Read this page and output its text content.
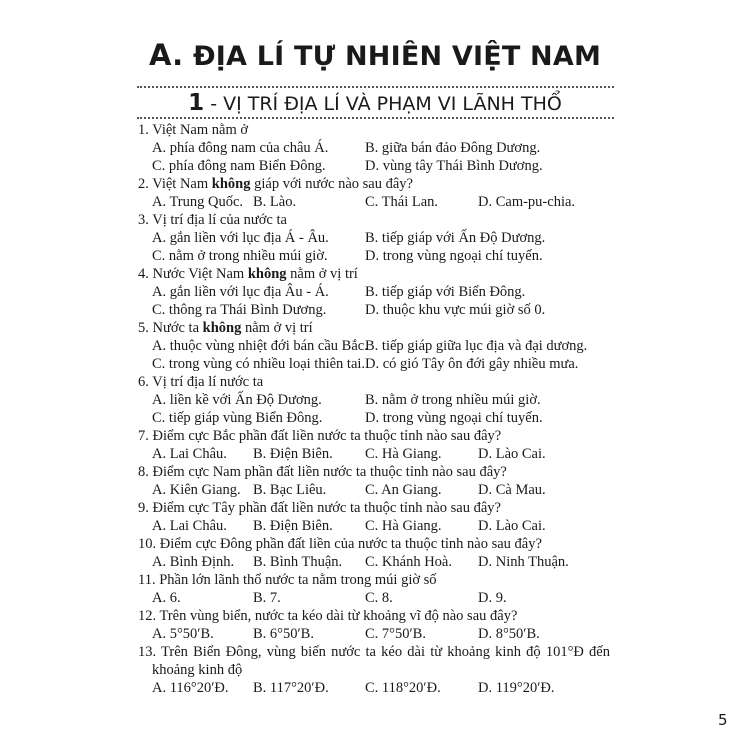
A. ĐỊA LÍ TỰ NHIÊN VIỆT NAM
1 - VỊ TRÍ ĐỊA LÍ VÀ PHẠM VI LÃNH THỔ
1. Việt Nam nằm ở
A. phía đông nam của châu Á.	B. giữa bán đảo Đông Dương.
C. phía đông nam Biển Đông.	D. vùng tây Thái Bình Dương.
2. Việt Nam không giáp với nước nào sau đây?
A. Trung Quốc. B. Lào.	C. Thái Lan.	D. Cam-pu-chia.
3. Vị trí địa lí của nước ta
A. gắn liền với lục địa Á - Âu. B. tiếp giáp với Ấn Độ Dương.
C. nằm ở trong nhiều múi giờ.	D. trong vùng ngoại chí tuyến.
4. Nước Việt Nam không nằm ở vị trí
A. gắn liền với lục địa Âu - Á. B. tiếp giáp với Biển Đông.
C. thông ra Thái Bình Dương.	D. thuộc khu vực múi giờ số 0.
5. Nước ta không nằm ở vị trí
A. thuộc vùng nhiệt đới bán cầu Bắc.
B. tiếp giáp giữa lục địa và đại dương.
C. trong vùng có nhiều loại thiên tai. D. có gió Tây ôn đới gây nhiều mưa.
6. Vị trí địa lí nước ta
A. liền kề với Ấn Độ Dương.	B. nằm ở trong nhiều múi giờ.
C. tiếp giáp vùng Biển Đông.	D. trong vùng ngoại chí tuyến.
7. Điểm cực Bắc phần đất liền nước ta thuộc tỉnh nào sau đây?
A. Lai Châu. B. Điện Biên. C. Hà Giang.	D. Lào Cai.
8. Điểm cực Nam phần đất liền nước ta thuộc tỉnh nào sau đây?
A. Kiên Giang. B. Bạc Liêu.	C. An Giang.	D. Cà Mau.
9. Điểm cực Tây phần đất liền nước ta thuộc tỉnh nào sau đây?
A. Lai Châu. B. Điện Biên. C. Hà Giang.	D. Lào Cai.
10. Điểm cực Đông phần đất liền của nước ta thuộc tỉnh nào sau đây?
A. Bình Định. B. Bình Thuận. C. Khánh Hoà. D. Ninh Thuận.
11. Phần lớn lãnh thổ nước ta nằm trong múi giờ số
A. 6.	B. 7.	C. 8.	D. 9.
12. Trên vùng biển, nước ta kéo dài từ khoảng vĩ độ nào sau đây?
A. 5°50ʹB.	B. 6°50ʹB.	C. 7°50ʹB.	D. 8°50ʹB.
13. Trên Biển Đông, vùng biển nước ta kéo dài từ khoảng kinh độ 101°Đ đến khoảng kinh độ
A. 116°20ʹĐ. B. 117°20ʹĐ.	C. 118°20ʹĐ.	D. 119°20ʹĐ.
5
